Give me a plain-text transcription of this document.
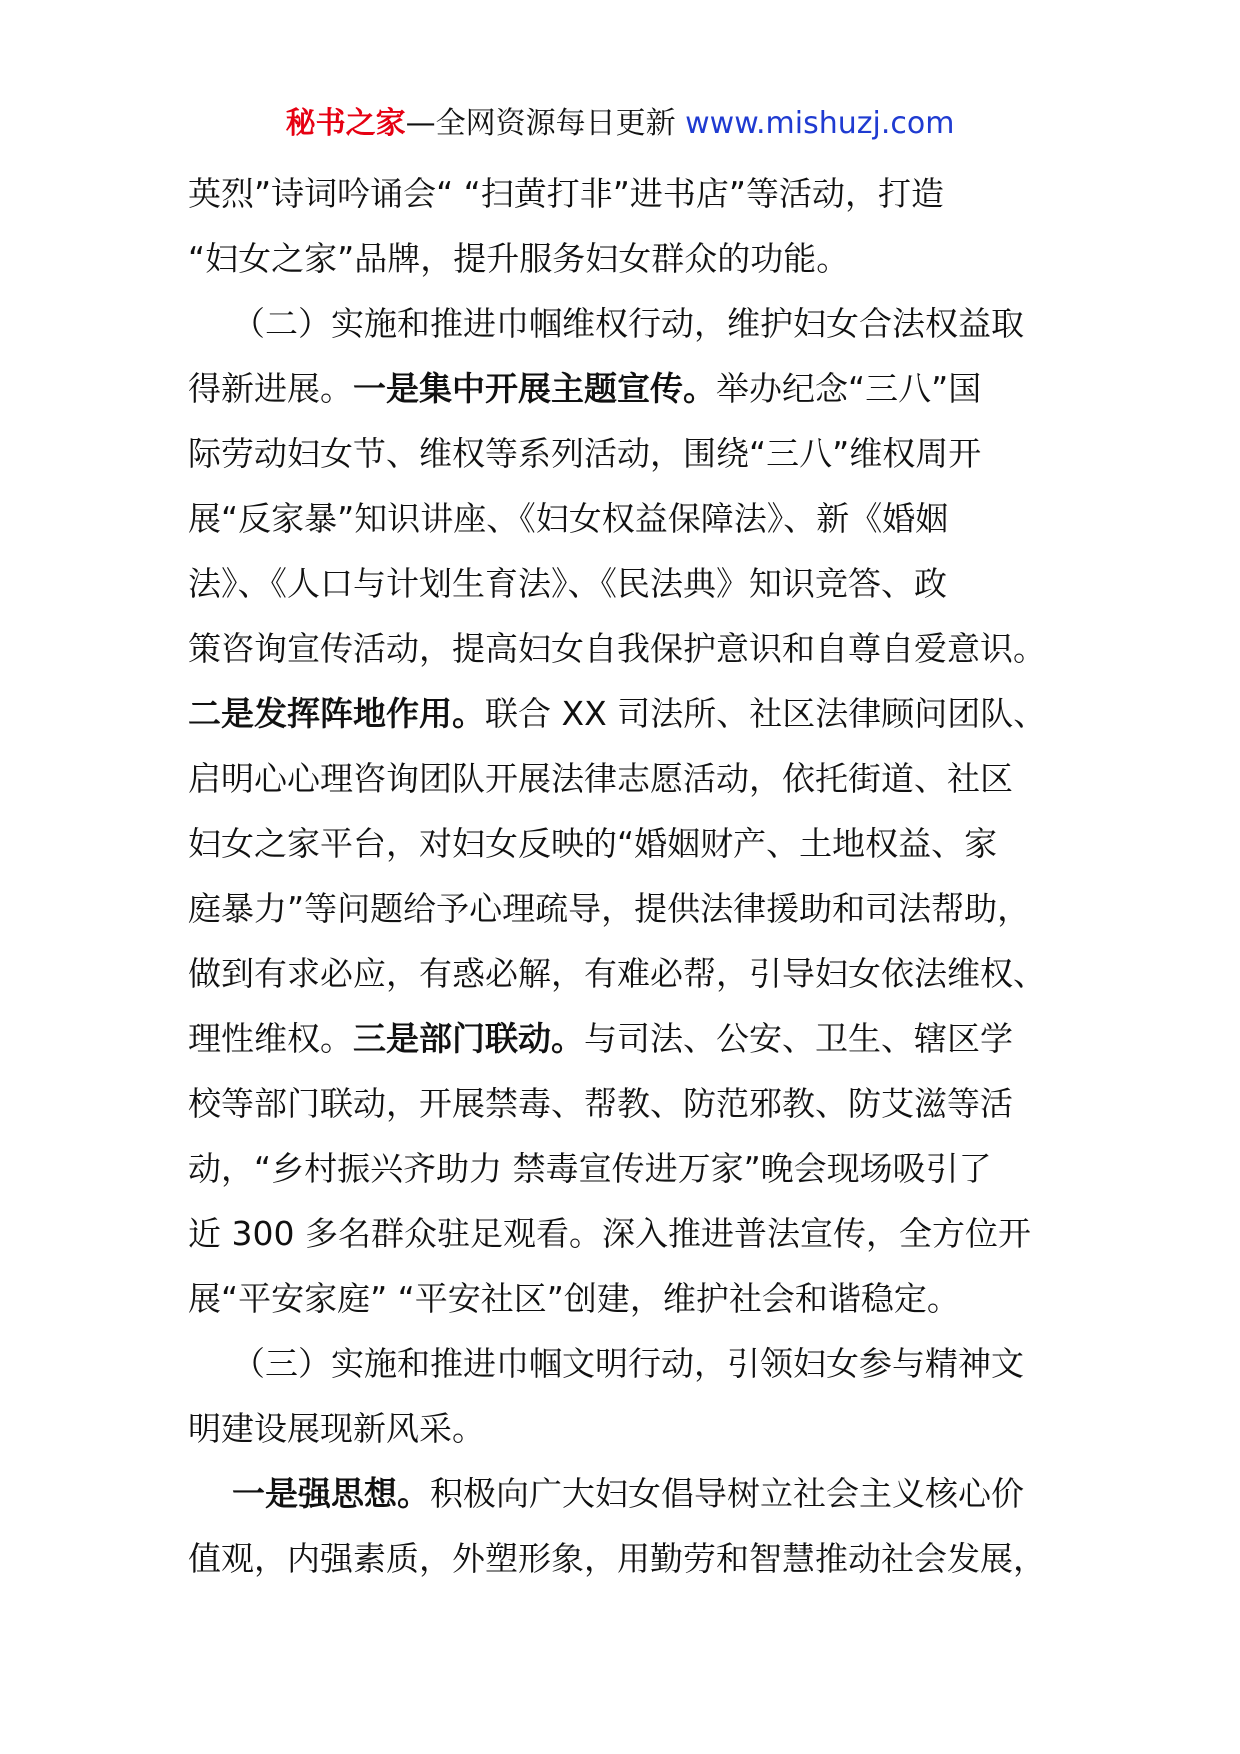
秘书之家—全网资源每日更新 www.mishuzj.com
英烈”诗词吟诵会“ “扫黄打非”进书店”等活动，打造
“妇女之家”品牌，提升服务妇女群众的功能。
（二）实施和推进巾帼维权行动，维护妇女合法权益取
得新进展。一是集中开展主题宣传。举办纪念“三八”国
际劳动妇女节、维权等系列活动，围绕“三八”维权周开
展“反家暴”知识讲座、《妇女权益保障法》、新《婚姻
法》、《人口与计划生育法》、《民法典》知识竞答、政
策咨询宣传活动，提高妇女自我保护意识和自尊自爱意识。
二是发挥阵地作用。联合 XX 司法所、社区法律顾问团队、
启明心心理咨询团队开展法律志愿活动，依托街道、社区
妇女之家平台，对妇女反映的“婚姻财产、土地权益、家
庭暴力”等问题给予心理疏导，提供法律援助和司法帮助，
做到有求必应，有惑必解，有难必帮，引导妇女依法维权、
理性维权。三是部门联动。与司法、公安、卫生、辖区学
校等部门联动，开展禁毒、帮教、防范邪教、防艾滋等活
动，“乡村振兴齐助力 禁毒宣传进万家”晚会现场吸引了
近 300 多名群众驻足观看。深入推进普法宣传，全方位开
展“平安家庭” “平安社区”创建，维护社会和谐稳定。
（三）实施和推进巾帼文明行动，引领妇女参与精神文
明建设展现新风采。
一是强思想。积极向广大妇女倡导树立社会主义核心价
值观，内强素质，外塑形象，用勤劳和智慧推动社会发展，
